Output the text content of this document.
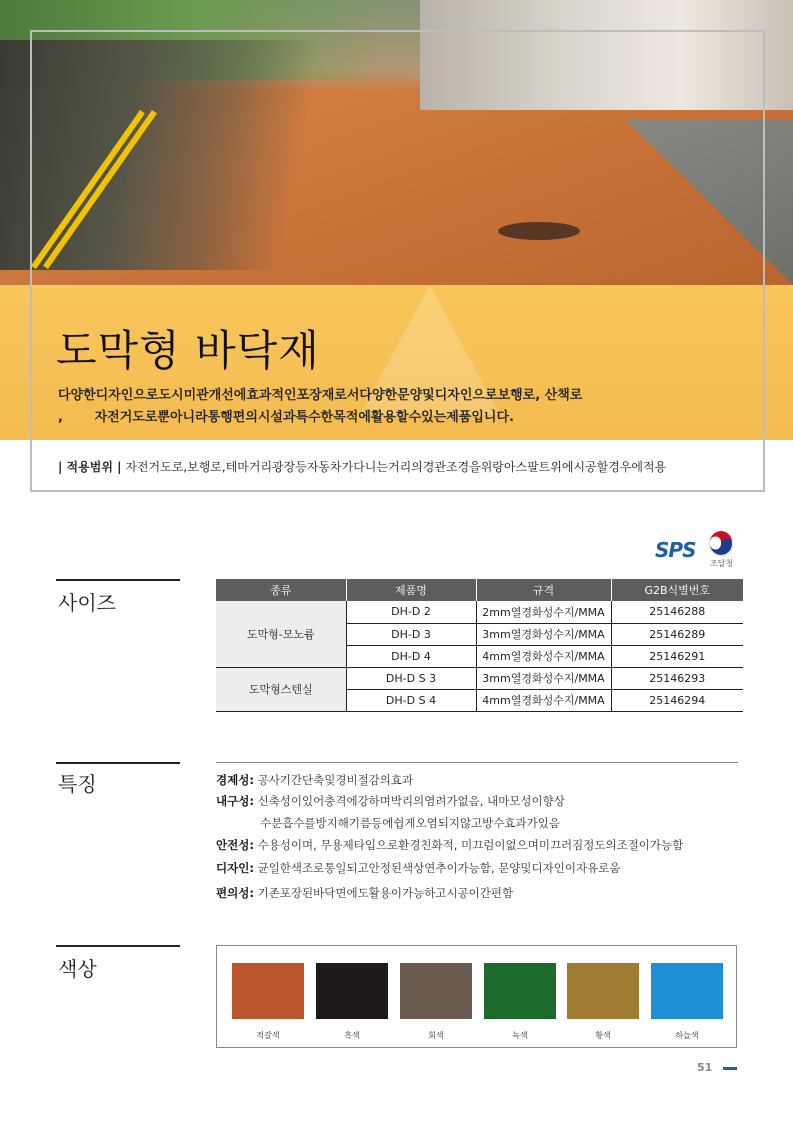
도막형 바닥재
다양한디자인으로도시미관개선에효과적인포장재로서다양한문양및디자인으로보행로, 산책로
,       자전거도로뿐아니라통행편의시설과특수한목적에활용할수있는제품입니다.
| 적용범위 | 자전거도로,보행로,테마거리광장등자동차가다니는거리의경관조경을위랑아스팔트위에시공할경우에적용
SPS
조달청
사이즈
종류	제품명	규격	G2B식별번호
도막형-모노륨	DH-D 2	2mm열경화성수지/MMA	25146288
	DH-D 3	3mm열경화성수지/MMA	25146289
	DH-D 4	4mm열경화성수지/MMA	25146291
도막형스텐실	DH-D S 3	3mm열경화성수지/MMA	25146293
	DH-D S 4	4mm열경화성수지/MMA	25146294
특징	경제성: 공사기간단축및경비절감의효과
내구성: 신축성이있어충격에강하며박리의염려가없음, 내마모성이향상
수분흡수를방지해기름등에쉽게오염되지않고방수효과가있음
안전성: 수용성이며, 무용제타입으로환경친화적, 미끄럼이없으며미끄러짐정도의조절이가능함
디자인: 균일한색조로통일되고안정된색상연추이가능함, 문양및디자인이자유로움
편의성: 기존포장된바닥면에도활용이가능하고시공이간편함
색상
적갈색	흑색	회색	녹색	황색	하늘색
51
